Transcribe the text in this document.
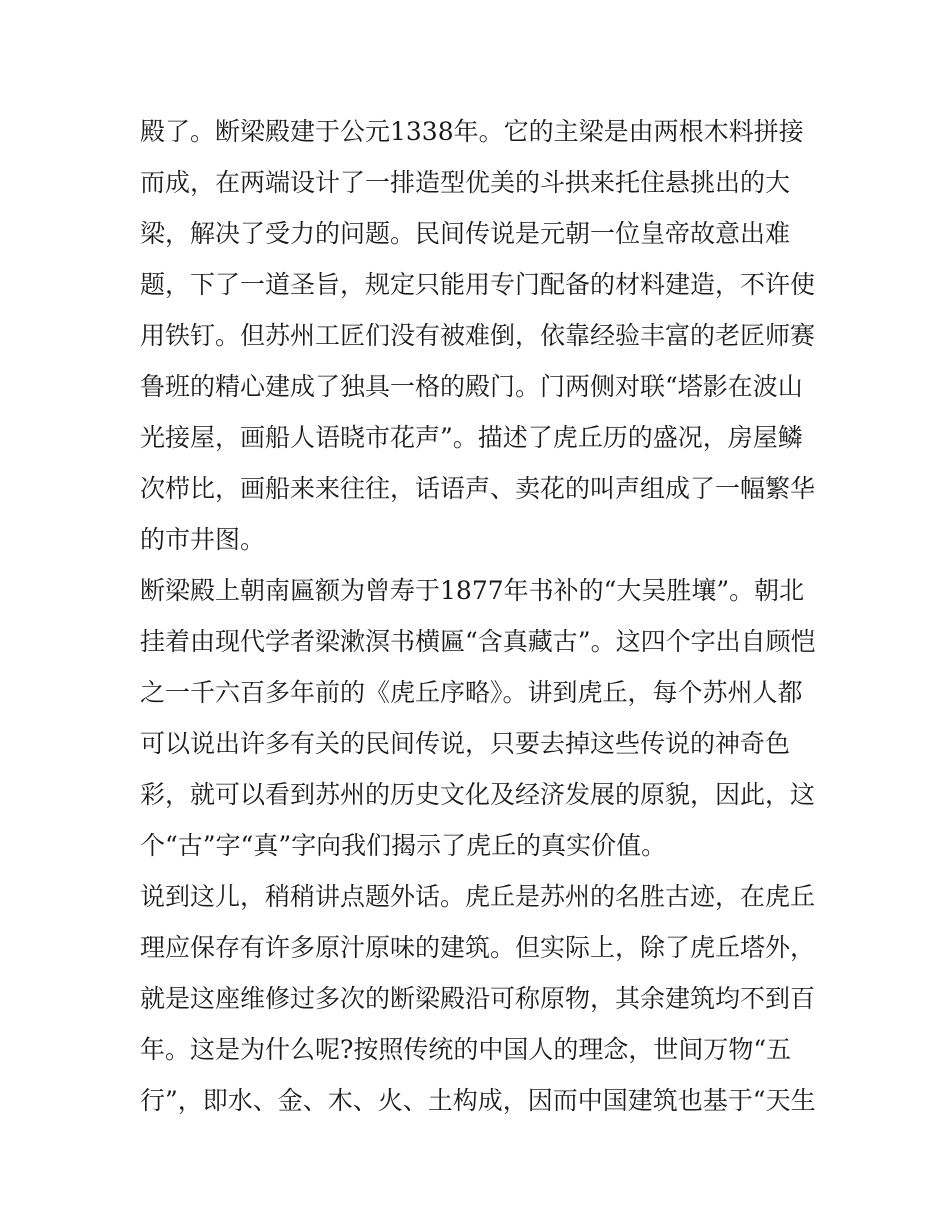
殿了。断梁殿建于公元1338年。它的主梁是由两根木料拼接
而成，在两端设计了一排造型优美的斗拱来托住悬挑出的大
梁，解决了受力的问题。民间传说是元朝一位皇帝故意出难
题，下了一道圣旨，规定只能用专门配备的材料建造，不许使
用铁钉。但苏州工匠们没有被难倒，依靠经验丰富的老匠师赛
鲁班的精心建成了独具一格的殿门。门两侧对联“塔影在波山
光接屋，画船人语晓市花声”。描述了虎丘历的盛况，房屋鳞
次栉比，画船来来往往，话语声、卖花的叫声组成了一幅繁华
的市井图。
断梁殿上朝南匾额为曾寿于1877年书补的“大吴胜壤”。朝北
挂着由现代学者梁漱溟书横匾“含真藏古”。这四个字出自顾恺
之一千六百多年前的《虎丘序略》。讲到虎丘，每个苏州人都
可以说出许多有关的民间传说，只要去掉这些传说的神奇色
彩，就可以看到苏州的历史文化及经济发展的原貌，因此，这
个“古”字“真”字向我们揭示了虎丘的真实价值。
说到这儿，稍稍讲点题外话。虎丘是苏州的名胜古迹，在虎丘
理应保存有许多原汁原味的建筑。但实际上，除了虎丘塔外，
就是这座维修过多次的断梁殿沿可称原物，其余建筑均不到百
年。这是为什么呢?按照传统的中国人的理念，世间万物“五
行”，即水、金、木、火、土构成，因而中国建筑也基于“天生
